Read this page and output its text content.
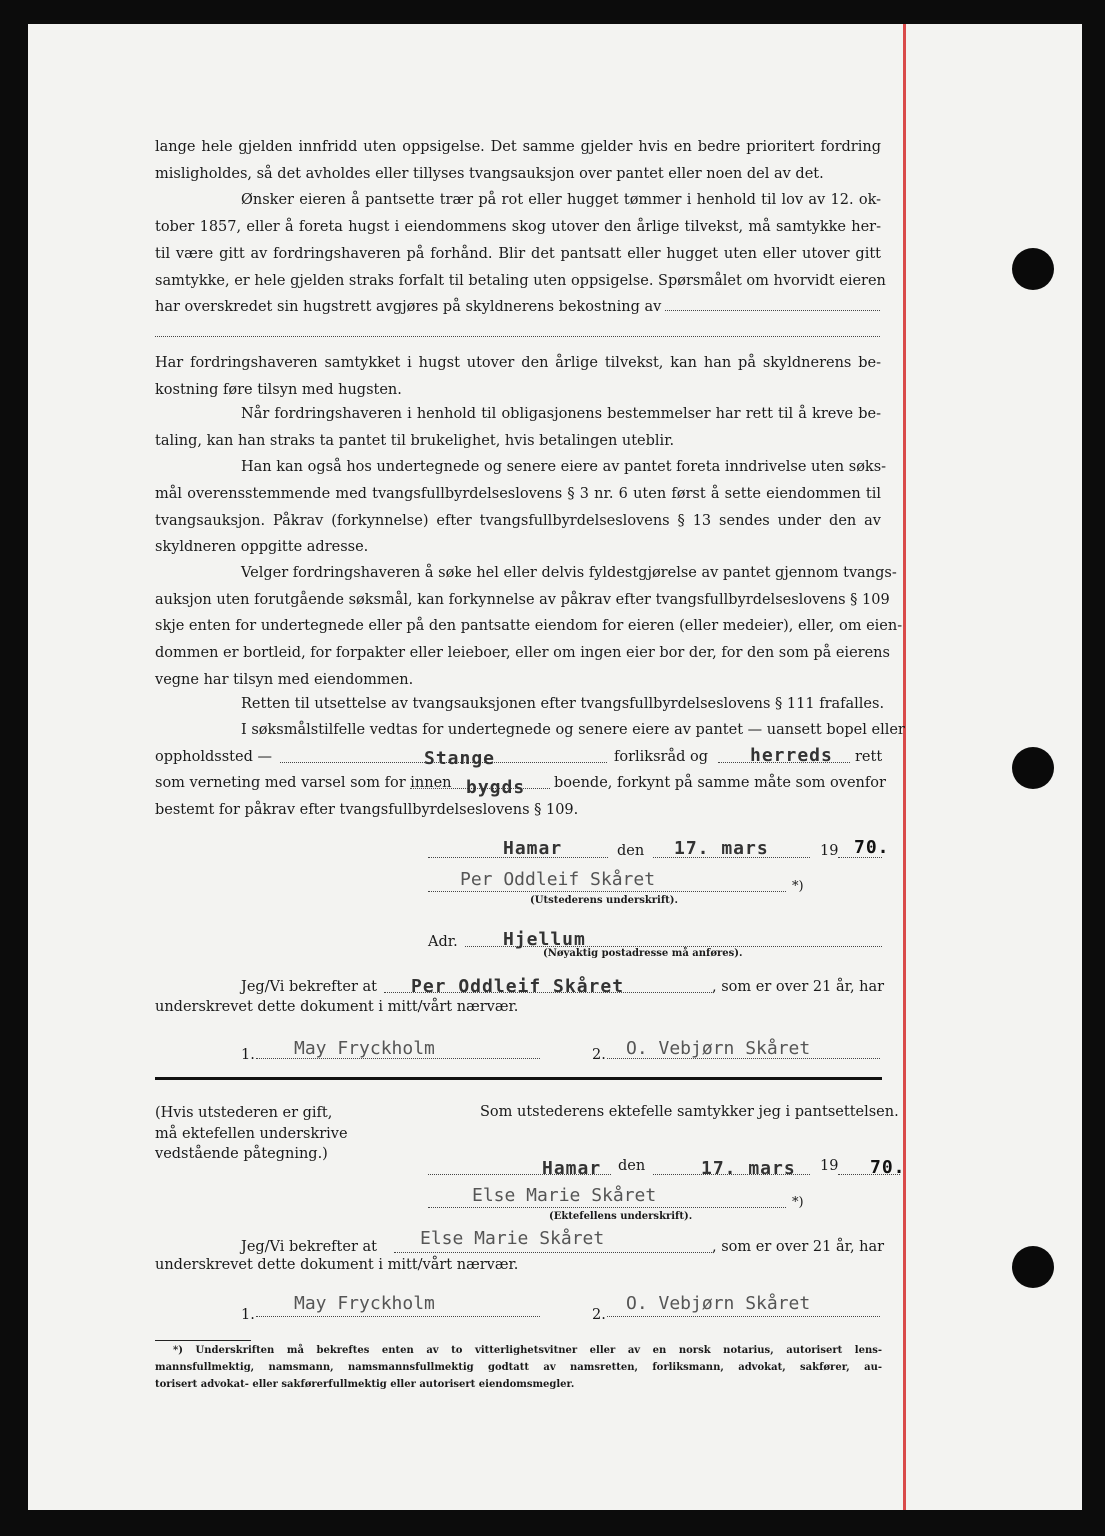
lange hele gjelden innfridd uten oppsigelse. Det samme gjelder hvis en bedre prioritert fordring
misligholdes, så det avholdes eller tillyses tvangsauksjon over pantet eller noen del av det.
Ønsker eieren å pantsette trær på rot eller hugget tømmer i henhold til lov av 12. ok-
tober 1857, eller å foreta hugst i eiendommens skog utover den årlige tilvekst, må samtykke her-
til være gitt av fordringshaveren på forhånd. Blir det pantsatt eller hugget uten eller utover gitt
samtykke, er hele gjelden straks forfalt til betaling uten oppsigelse. Spørsmålet om hvorvidt eieren
har overskredet sin hugstrett avgjøres på skyldnerens bekostning av
Har fordringshaveren samtykket i hugst utover den årlige tilvekst, kan han på skyldnerens be-
kostning føre tilsyn med hugsten.
Når fordringshaveren i henhold til obligasjonens bestemmelser har rett til å kreve be-
taling, kan han straks ta pantet til brukelighet, hvis betalingen uteblir.
Han kan også hos undertegnede og senere eiere av pantet foreta inndrivelse uten søks-
mål overensstemmende med tvangsfullbyrdelseslovens § 3 nr. 6 uten først å sette eiendommen til
tvangsauksjon. Påkrav (forkynnelse) efter tvangsfullbyrdelseslovens § 13 sendes under den av
skyldneren oppgitte adresse.
Velger fordringshaveren å søke hel eller delvis fyldestgjørelse av pantet gjennom tvangs-
auksjon uten forutgående søksmål, kan forkynnelse av påkrav efter tvangsfullbyrdelseslovens § 109
skje enten for undertegnede eller på den pantsatte eiendom for eieren (eller medeier), eller, om eien-
dommen er bortleid, for forpakter eller leieboer, eller om ingen eier bor der, for den som på eierens
vegne har tilsyn med eiendommen.
Retten til utsettelse av tvangsauksjonen efter tvangsfullbyrdelseslovens § 111 frafalles.
I søksmålstilfelle vedtas for undertegnede og senere eiere av pantet — uansett bopel eller
oppholdssted —	Stange	forliksråd og herreds rett
som verneting med varsel som for innen bygds boende, forkynt på samme måte som ovenfor
bestemt for påkrav efter tvangsfullbyrdelseslovens § 109.
Hamar	den 17. mars	19 70.
Per Oddleif Skåret	*)
(Utstederens underskrift).
Adr.	Hjellum
(Nøyaktig postadresse må anføres).
Jeg/Vi bekrefter at Per Oddleif Skåret	, som er over 21 år, har
underskrevet dette dokument i mitt/vårt nærvær.
1. May Fryckholm	2. O. Vebjørn Skåret
(Hvis utstederen er gift,
må ektefellen underskrive
vedstående påtegning.)
Som utstederens ektefelle samtykker jeg i pantsettelsen.
Hamar den	17. mars 19 70.
Else Marie Skåret	*)
(Ektefellens underskrift).
Jeg/Vi bekrefter at Else Marie Skåret	, som er over 21 år, har
underskrevet dette dokument i mitt/vårt nærvær.
1.
May Fryckholm
2.
O. Vebjørn Skåret
*) Underskriften må bekreftes enten av to vitterlighetsvitner eller av en norsk notarius, autorisert lens-
mannsfullmektig, namsmann, namsmannsfullmektig godtatt av namsretten, forliksmann, advokat, sakfører, au-
torisert advokat- eller sakførerfullmektig eller autorisert eiendomsmegler.
